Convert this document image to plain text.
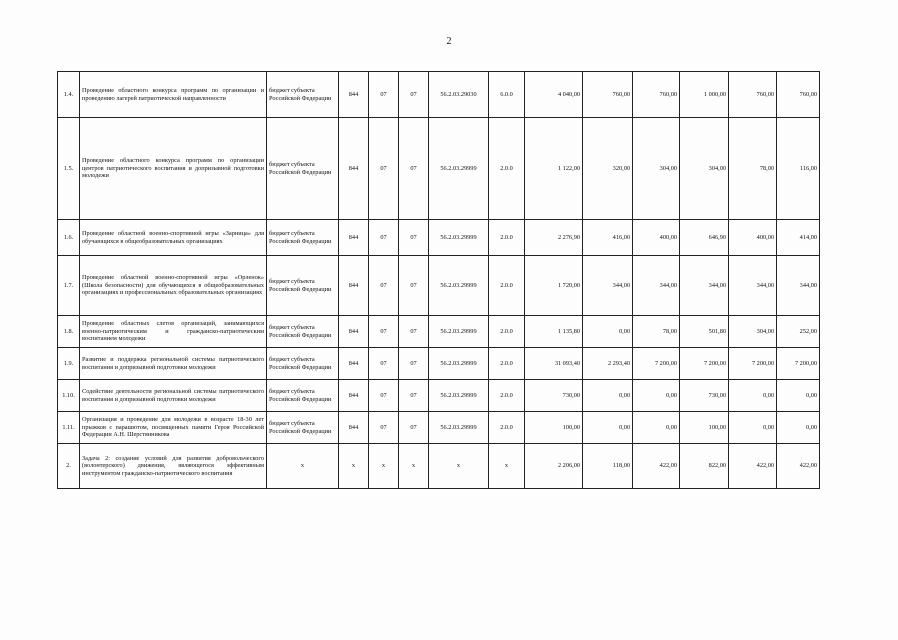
2
1.4.	Проведение областного конкурса программ по организации и проведению лагерей патриотической направленности	бюджет субъекта Российской Федерации	844	07	07	56.2.03.29030	6.0.0	4 040,00	760,00	760,00	1 000,00	760,00	760,00
1.5.	Проведение областного конкурса программ по организации центров патриотического воспитания и допризывной подготовки молодежи	бюджет субъекта Российской Федерации	844	07	07	56.2.03.29999	2.0.0	1 122,00	320,00	304,00	304,00	78,00	116,00
1.6.	Проведение областной военно-спортивной игры «Зарница» для обучающихся в общеобразовательных организациях	бюджет субъекта Российской Федерации	844	07	07	56.2.03.29999	2.0.0	2 276,90	416,00	400,00	646,90	400,00	414,00
1.7.	Проведение областной военно-спортивной игры «Орленок» (Школа безопасности) для обучающихся в общеобразовательных организациях и профессиональных образовательных организациях	бюджет субъекта Российской Федерации	844	07	07	56.2.03.29999	2.0.0	1 720,00	344,00	344,00	344,00	344,00	344,00
1.8.	Проведение областных слетов организаций, занимающихся военно-патриотическим и гражданско-патриотическим воспитанием молодежи	бюджет субъекта Российской Федерации	844	07	07	56.2.03.29999	2.0.0	1 135,80	0,00	78,00	501,80	304,00	252,00
1.9.	Развитие и поддержка региональной системы патриотического воспитания и допризывной подготовки молодежи	бюджет субъекта Российской Федерации	844	07	07	56.2.03.29999	2.0.0	31 093,40	2 293,40	7 200,00	7 200,00	7 200,00	7 200,00
1.10.	Содействие деятельности региональной системы патриотического воспитания и допризывной подготовки молодежи	бюджет субъекта Российской Федерации	844	07	07	56.2.03.29999	2.0.0	730,00	0,00	0,00	730,00	0,00	0,00
1.11.	Организация и проведение для молодежи в возрасте 18-30 лет прыжков с парашютом, посвященных памяти Героя Российской Федерации А.Н. Шерстянникова	бюджет субъекта Российской Федерации	844	07	07	56.2.03.29999	2.0.0	100,00	0,00	0,00	100,00	0,00	0,00
2.	Задача 2: создание условий для развития добровольческого (волонтерского) движения, являющегося эффективным инструментом гражданско-патриотического воспитания	х	х	х	х	х	х	2 206,00	118,00	422,00	822,00	422,00	422,00
